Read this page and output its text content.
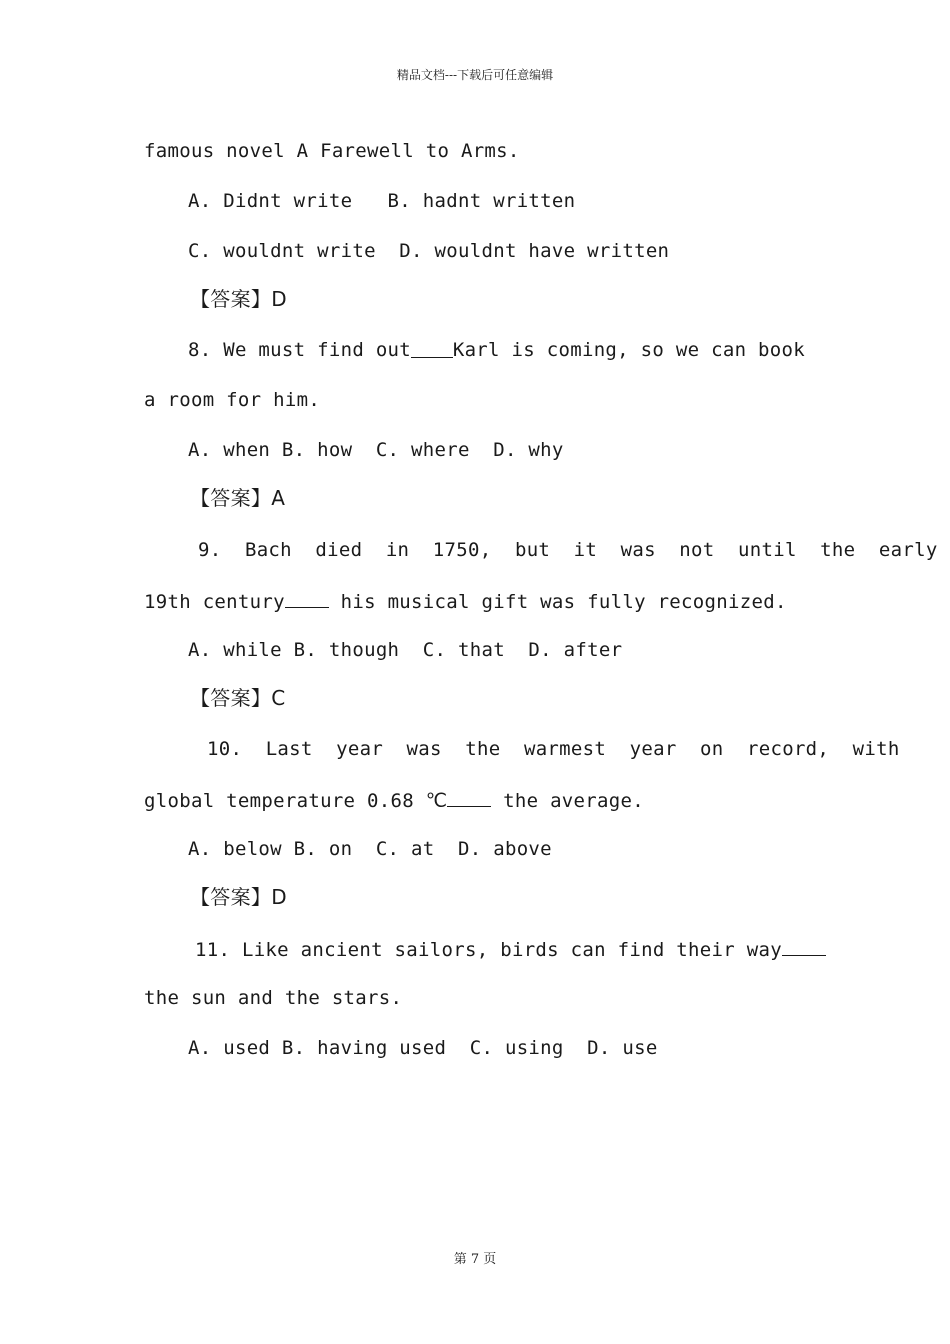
精品文档---下载后可任意编辑
famous novel A Farewell to Arms.
A. Didnt write   B. hadnt written
C. wouldnt write  D. wouldnt have written
【答案】D
8. We must find out Karl is coming, so we can book
a room for him.
A. when B. how  C. where  D. why
【答案】A
9.  Bach  died  in  1750,  but  it  was  not  until  the  early
19th century his musical gift was fully recognized.
A. while B. though  C. that  D. after
【答案】C
10.  Last  year  was  the  warmest  year  on  record,  with
global temperature 0.68 ℃ the average.
A. below B. on  C. at  D. above
【答案】D
11. Like ancient sailors, birds can find their way
the sun and the stars.
A. used B. having used  C. using  D. use
第 7 页
